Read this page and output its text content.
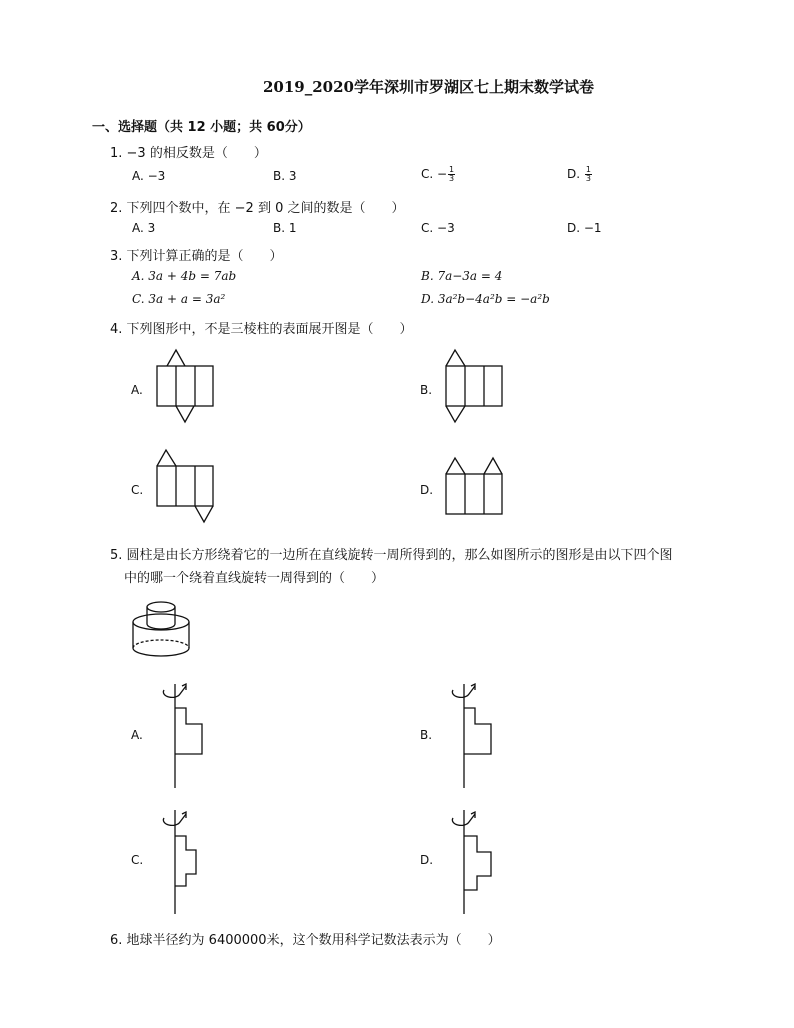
2019_2020学年深圳市罗湖区七上期末数学试卷
一、选择题（共 12 小题；共 60分）
1. −3 的相反数是（　　）
A. −3	B. 3	C. − $\frac{1}{3}$	D. $\frac{1}{3}$
2. 下列四个数中，在 −2 到 0 之间的数是（　　）
A. 3	B. 1	C. −3	D. −1
3. 下列计算正确的是（　　）
A. 3a + 4b = 7ab	B. 7a−3a = 4
C. 3a + a = 3a²	D. 3a²b−4a²b = −a²b
4. 下列图形中，不是三棱柱的表面展开图是（　　）
A.	B.
C.	D.
5. 圆柱是由长方形绕着它的一边所在直线旋转一周所得到的，那么如图所示的图形是由以下四个图
中的哪一个绕着直线旋转一周得到的（　　）
A.	B.
C.	D.
6. 地球半径约为 6400000米，这个数用科学记数法表示为（　　）
